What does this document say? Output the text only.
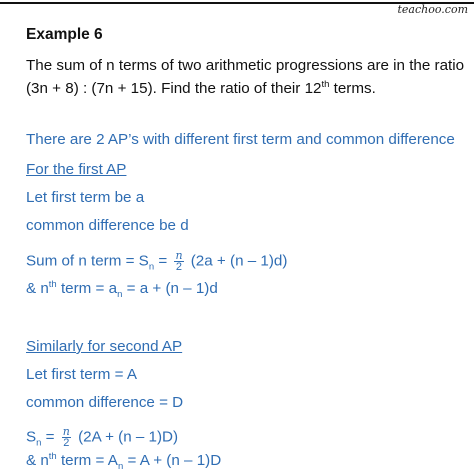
teachoo.com
Example 6
The sum of n terms of two arithmetic progressions are in the ratio
(3n + 8) : (7n + 15). Find the ratio of their 12th terms.
There are 2 AP’s with different first term and common difference
For the first AP
Let first term be a
common difference be d
Sum of n term = $S_n = \frac{n}{2} (2a + (n - 1)d)$
& $n^{th}$ term = $a_n = a + (n - 1)d$
Similarly for second AP
Let first term = A
common difference = D
$S_n = \frac{n}{2} (2A + (n - 1)D)$
& $n^{th}$ term = $A_n = A + (n - 1)D$
